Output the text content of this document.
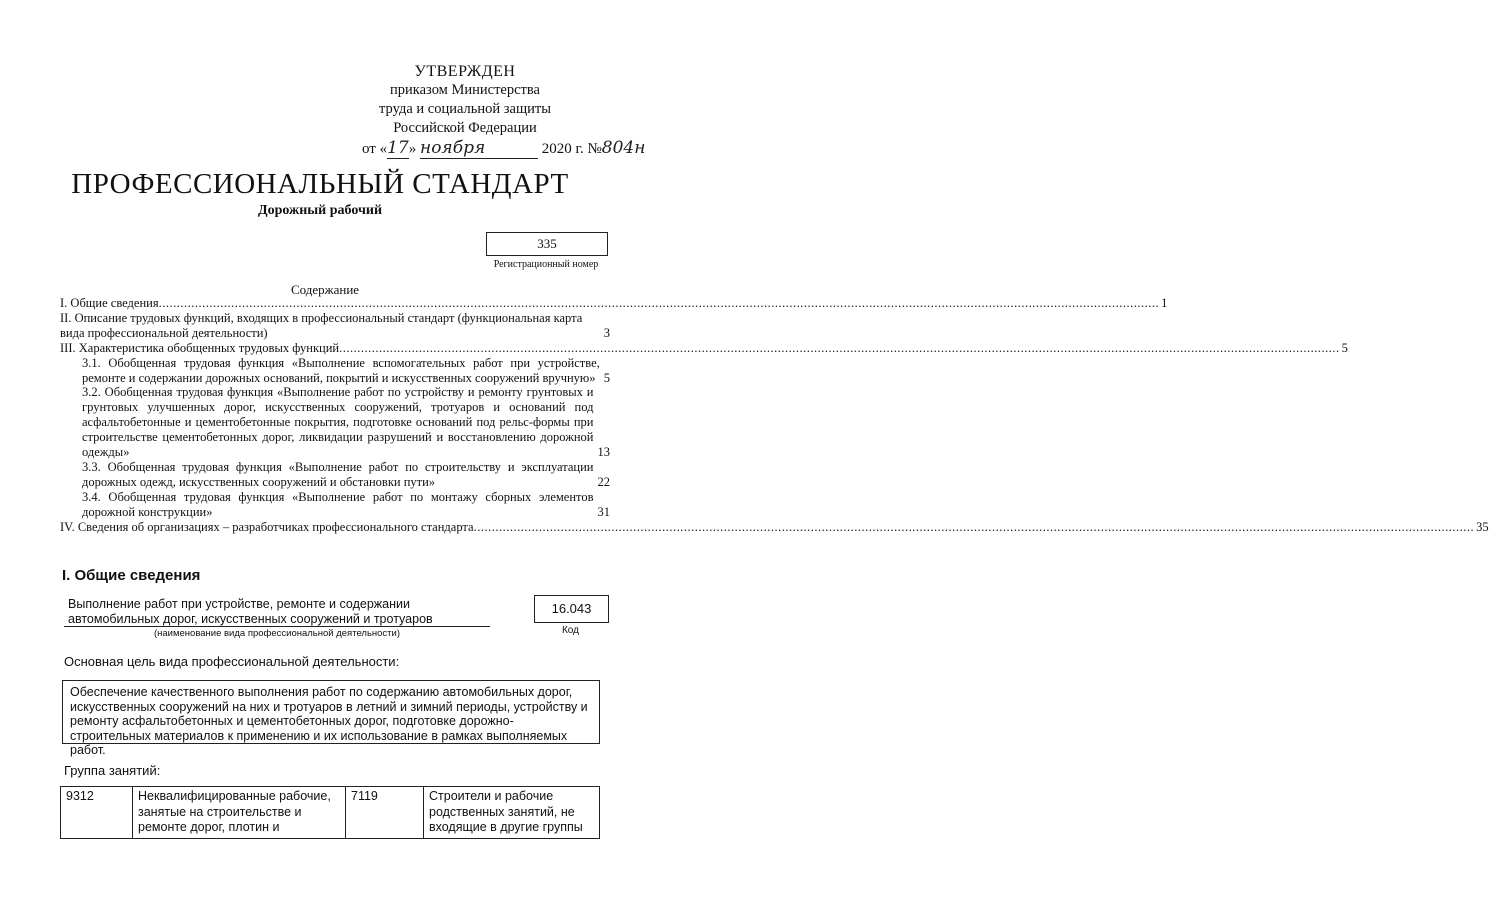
УТВЕРЖДЕН
приказом Министерства
труда и социальной защиты
Российской Федерации
от «17» ноября	2020 г. №804н
ПРОФЕССИОНАЛЬНЫЙ СТАНДАРТ
Дорожный рабочий
335
Регистрационный номер
Содержание
I. Общие сведения .....	1
II. Описание трудовых функций, входящих в профессиональный стандарт (функциональная карта вида профессиональной деятельности)	3
III. Характеристика обобщенных трудовых функций .....	5
3.1. Обобщенная трудовая функция «Выполнение вспомогательных работ при устройстве, ремонте и содержании дорожных оснований, покрытий и искусственных сооружений вручную» 5
3.2. Обобщенная трудовая функция «Выполнение работ по устройству и ремонту грунтовых и грунтовых улучшенных дорог, искусственных сооружений, тротуаров и оснований под асфальтобетонные и цементобетонные покрытия, подготовке оснований под рельс-формы при строительстве цементобетонных дорог, ликвидации разрушений и восстановлению дорожной одежды»	13
3.3. Обобщенная трудовая функция «Выполнение работ по строительству и эксплуатации дорожных одежд, искусственных сооружений и обстановки пути»	22
3.4. Обобщенная трудовая функция «Выполнение работ по монтажу сборных элементов дорожной конструкции»	31
IV. Сведения об организациях – разработчиках профессионального стандарта .....	35
I. Общие сведения
Выполнение работ при устройстве, ремонте и содержании автомобильных дорог, искусственных сооружений и тротуаров
(наименование вида профессиональной деятельности)
16.043
Код
Основная цель вида профессиональной деятельности:
Обеспечение качественного выполнения работ по содержанию автомобильных дорог, искусственных сооружений на них и тротуаров в летний и зимний периоды, устройству и ремонту асфальтобетонных и цементобетонных дорог, подготовке дорожно-строительных материалов к применению и их использование в рамках выполняемых работ.
Группа занятий:
9312	Неквалифицированные рабочие, занятые на строительстве и ремонте дорог, плотин и	7119	Строители и рабочие родственных занятий, не входящие в другие группы
